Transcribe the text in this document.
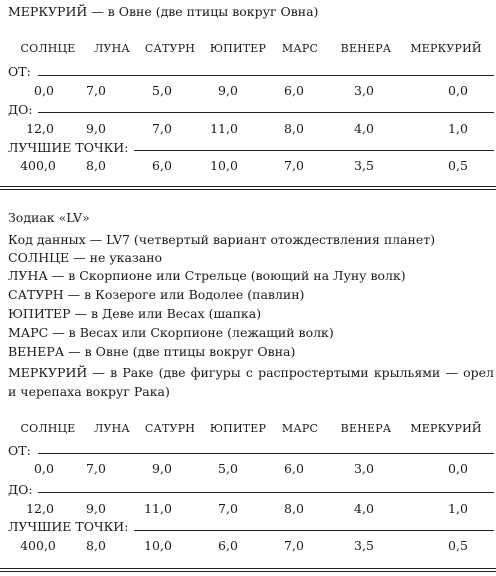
МЕРКУРИЙ — в Овне (две птицы вокруг Овна)
СОЛНЦЕ	ЛУНА	САТУРН	ЮПИТЕР	МАРС	ВЕНЕРА	МЕРКУРИЙ
ОТ:
0,0	7,0	5,0	9,0	6,0	3,0	0,0
ДО:
12,0	9,0	7,0	11,0	8,0	4,0	1,0
ЛУЧШИЕ ТОЧКИ:
400,0	8,0	6,0	10,0	7,0	3,5	0,5
Зодиак «LV»
Код данных — LV7 (четвертый вариант отождествления планет)
СОЛНЦЕ — не указано
ЛУНА — в Скорпионе или Стрельце (воющий на Луну волк)
САТУРН — в Козероге или Водолее (павлин)
ЮПИТЕР — в Деве или Весах (шапка)
МАРС — в Весах или Скорпионе (лежащий волк)
ВЕНЕРА — в Овне (две птицы вокруг Овна)
МЕРКУРИЙ — в Раке (две фигуры с распростертыми крыльями — орел и черепаха вокруг Рака)
СОЛНЦЕ	ЛУНА	САТУРН	ЮПИТЕР	МАРС	ВЕНЕРА	МЕРКУРИЙ
ОТ:
0,0	7,0	9,0	5,0	6,0	3,0	0,0
ДО:
12,0	9,0	11,0	7,0	8,0	4,0	1,0
ЛУЧШИЕ ТОЧКИ:
400,0	8,0	10,0	6,0	7,0	3,5	0,5
